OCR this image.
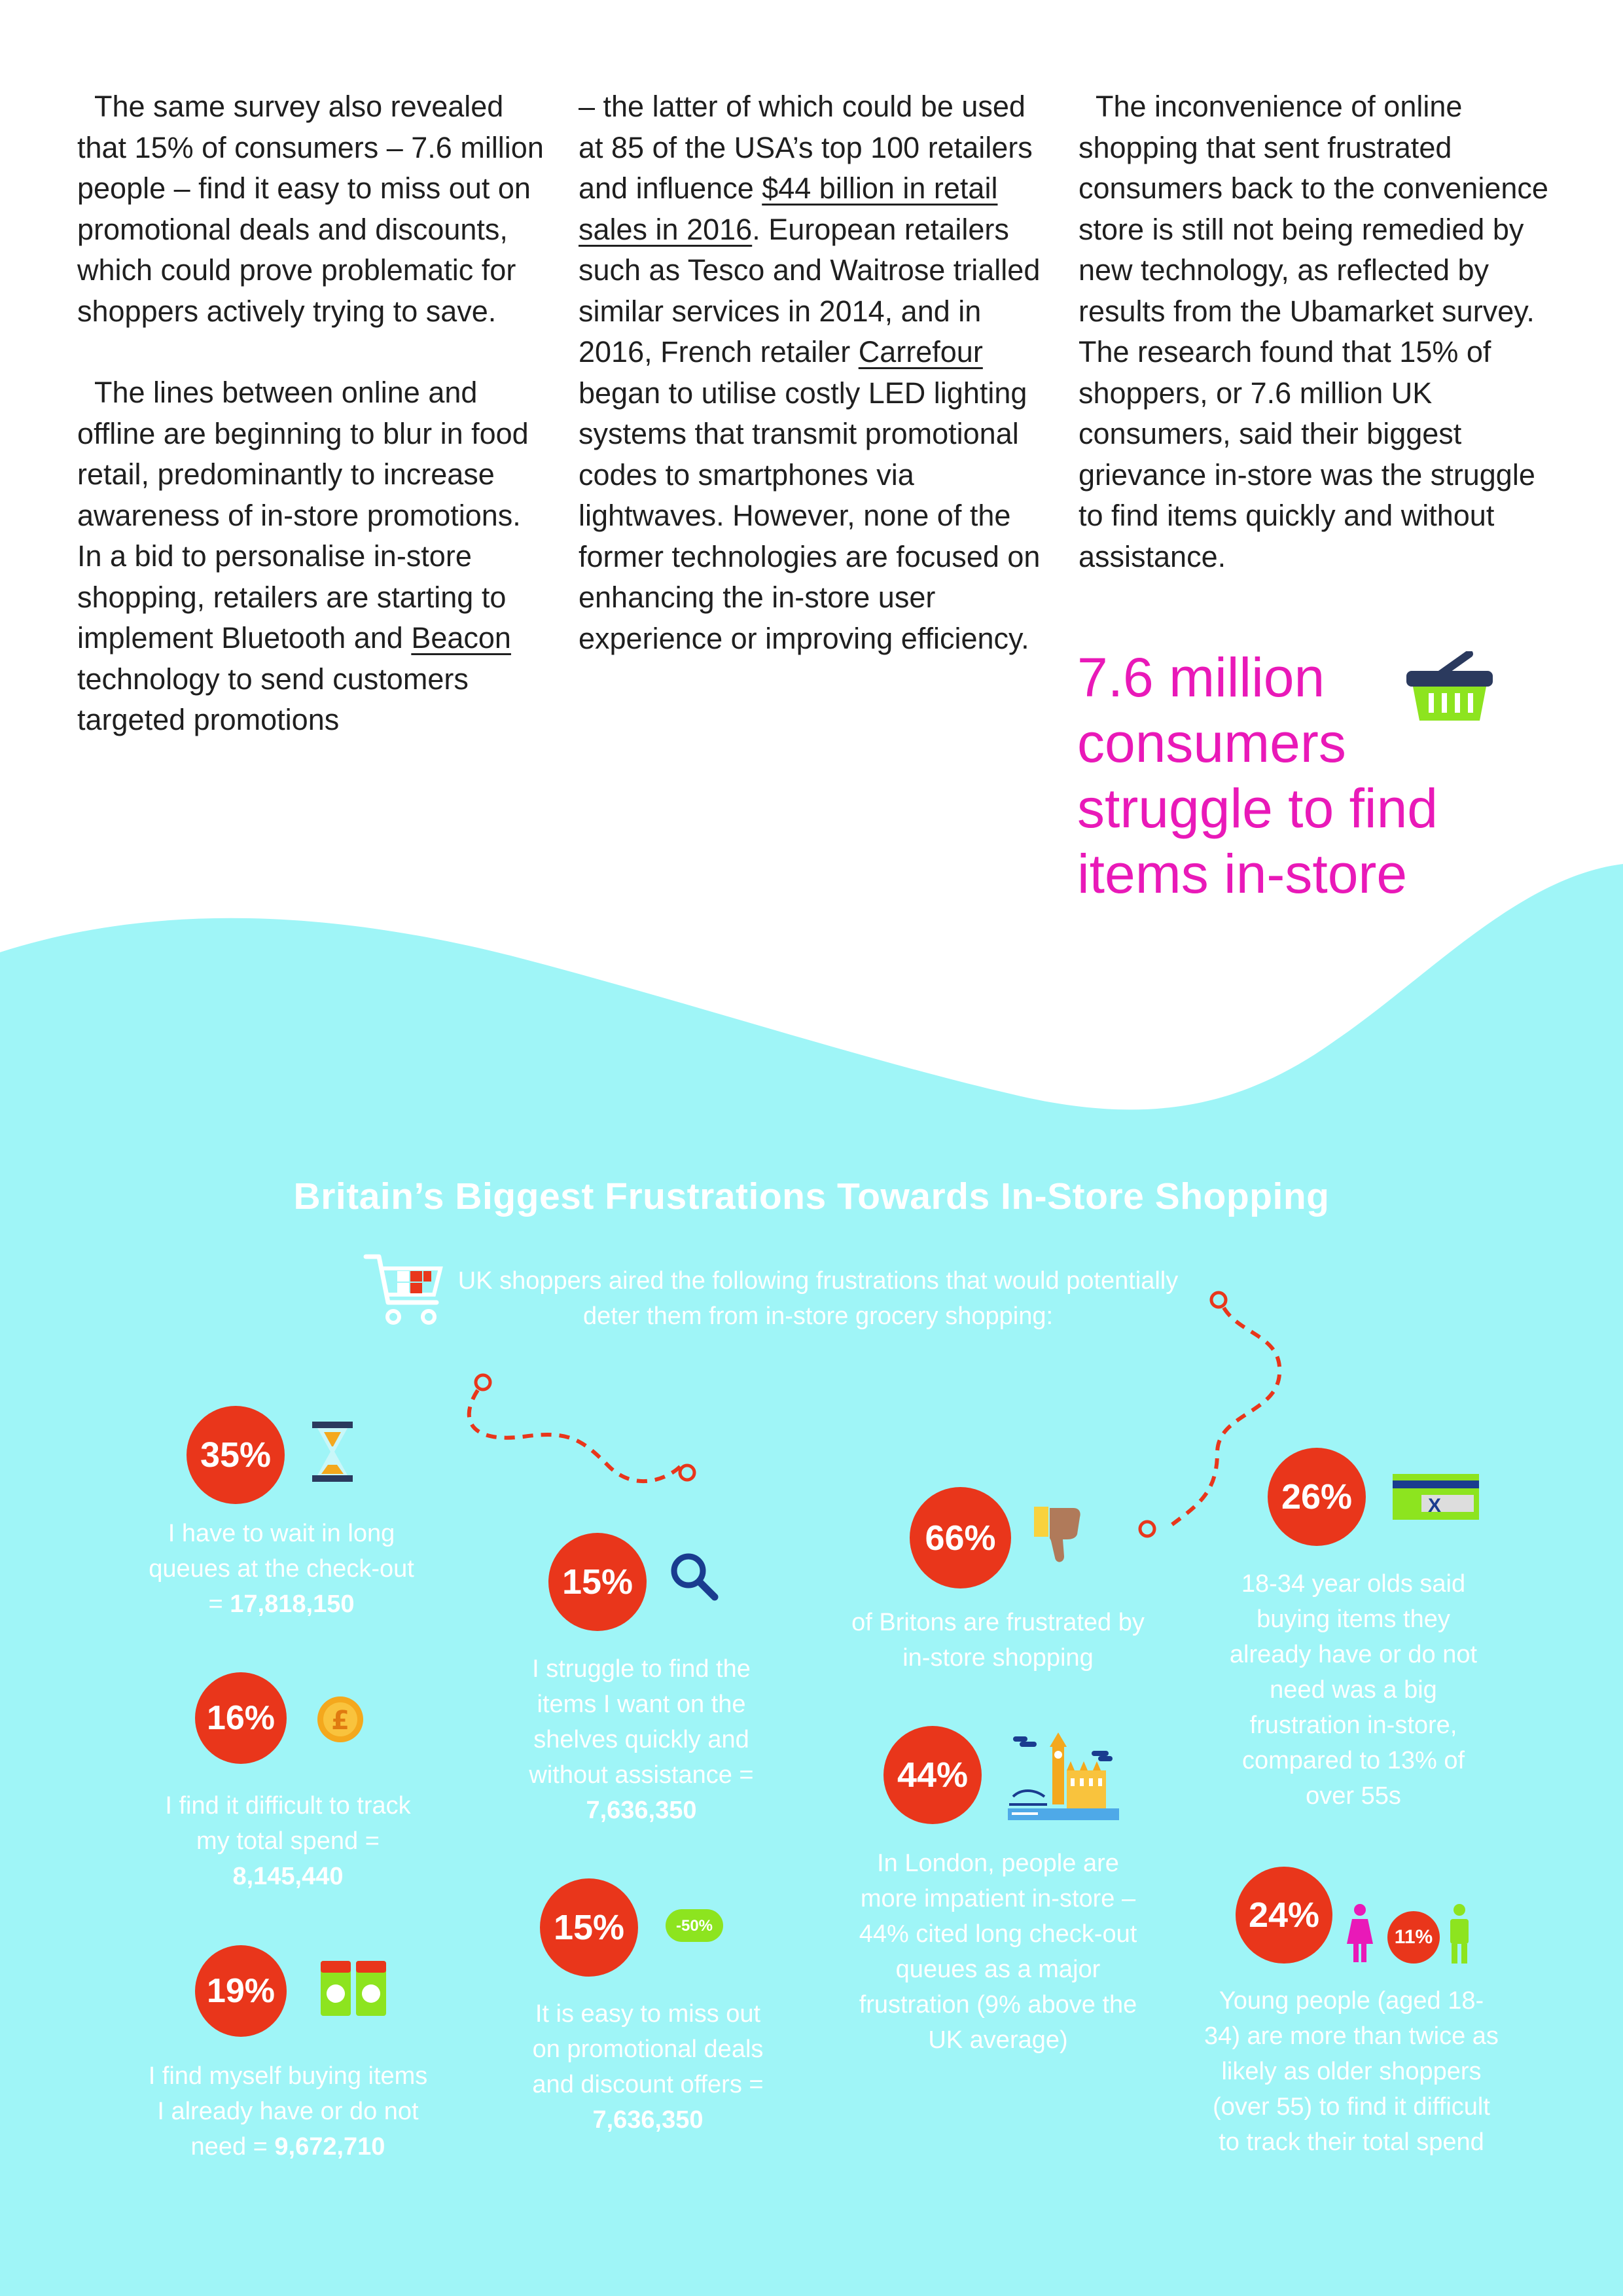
The same survey also revealed that 15% of consumers – 7.6 million people – find it easy to miss out on promotional deals and discounts, which could prove problematic for shoppers actively trying to save.

The lines between online and offline are beginning to blur in food retail, predominantly to increase awareness of in-store promotions. In a bid to personalise in-store shopping, retailers are starting to implement Bluetooth and Beacon technology to send customers targeted promotions

– the latter of which could be used at 85 of the USA’s top 100 retailers and influence $44 billion in retail sales in 2016. European retailers such as Tesco and Waitrose trialled similar services in 2014, and in 2016, French retailer Carrefour began to utilise costly LED lighting systems that transmit promotional codes to smartphones via lightwaves. However, none of the former technologies are focused on enhancing the in-store user experience or improving efficiency.

The inconvenience of online shopping that sent frustrated consumers back to the convenience store is still not being remedied by new technology, as reflected by results from the Ubamarket survey. The research found that 15% of shoppers, or 7.6 million UK consumers, said their biggest grievance in-store was the struggle to find items quickly and without assistance.

7.6 million consumers struggle to find items in-store
Britain’s Biggest Frustrations Towards In-Store Shopping
UK shoppers aired the following frustrations that would potentially deter them from in-store grocery shopping:
35%
I have to wait in long queues at the check-out = 17,818,150
16%	£
I find it difficult to track my total spend = 8,145,440
19%
I find myself buying items I already have or do not need = 9,672,710
15%
I struggle to find the items I want on the shelves quickly and without assistance = 7,636,350
15%	-50%
It is easy to miss out on promotional deals and discount offers = 7,636,350
66%
of Britons are frustrated by in-store shopping
44%
In London, people are more impatient in-store – 44% cited long check-out queues as a major frustration (9% above the UK average)
26%	X
18-34 year olds said buying items they already have or do not need was a big frustration in-store, compared to 13% of over 55s
24%
11%
Young people (aged 18-34) are more than twice as likely as older shoppers (over 55) to find it difficult to track their total spend
